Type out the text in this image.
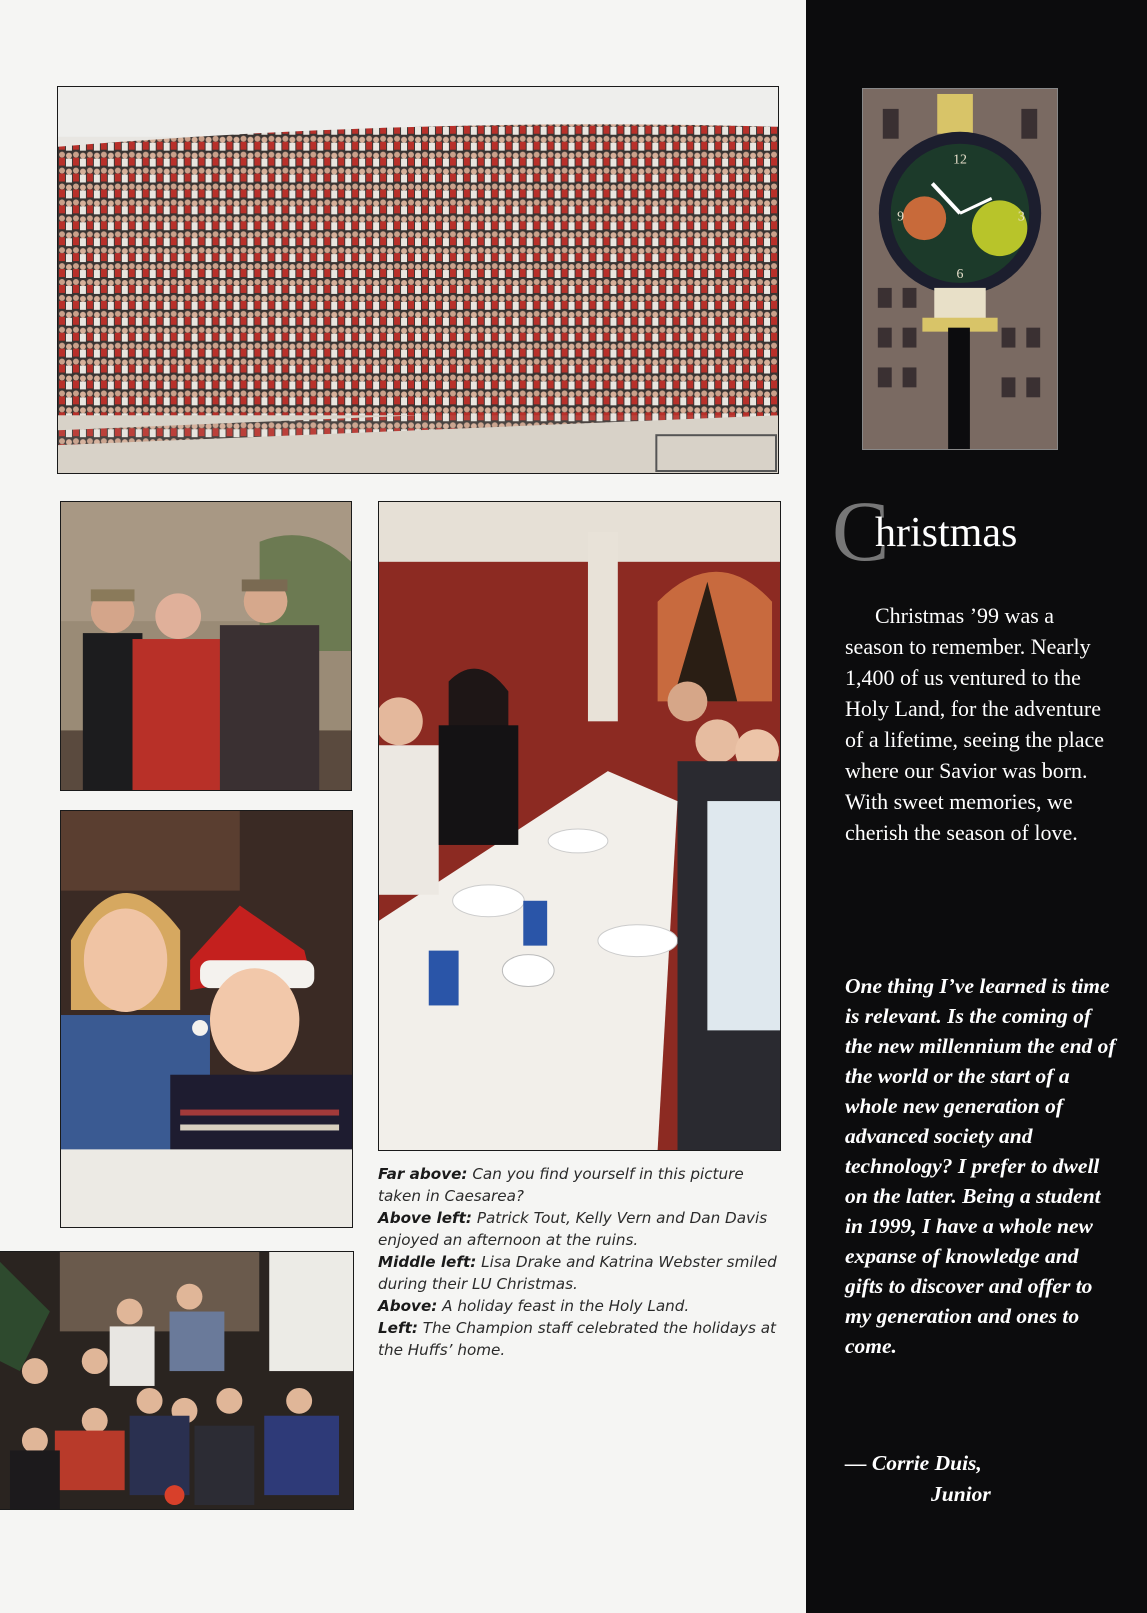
12
9	3
6

Far above: Can you find yourself in this picture taken in Caesarea?

Above left: Patrick Tout, Kelly Vern and Dan Davis enjoyed an afternoon at the ruins.

Middle left: Lisa Drake and Katrina Webster smiled during their LU Christmas.

Above: A holiday feast in the Holy Land.

Left: The Champion staff celebrated the holidays at the Huffs’ home.

C
hristmas
Christmas ’99 was a season to remember. Nearly 1,400 of us ventured to the Holy Land, for the adventure of a lifetime, seeing the place where our Savior was born. With sweet memories, we cherish the season of love.
One thing I’ve learned is time is relevant. Is the coming of the new millennium the end of the world or the start of a whole new generation of advanced society and technology? I prefer to dwell on the latter. Being a student in 1999, I have a whole new expanse of knowledge and gifts to discover and offer to my generation and ones to come.
— Corrie Duis,
Junior
